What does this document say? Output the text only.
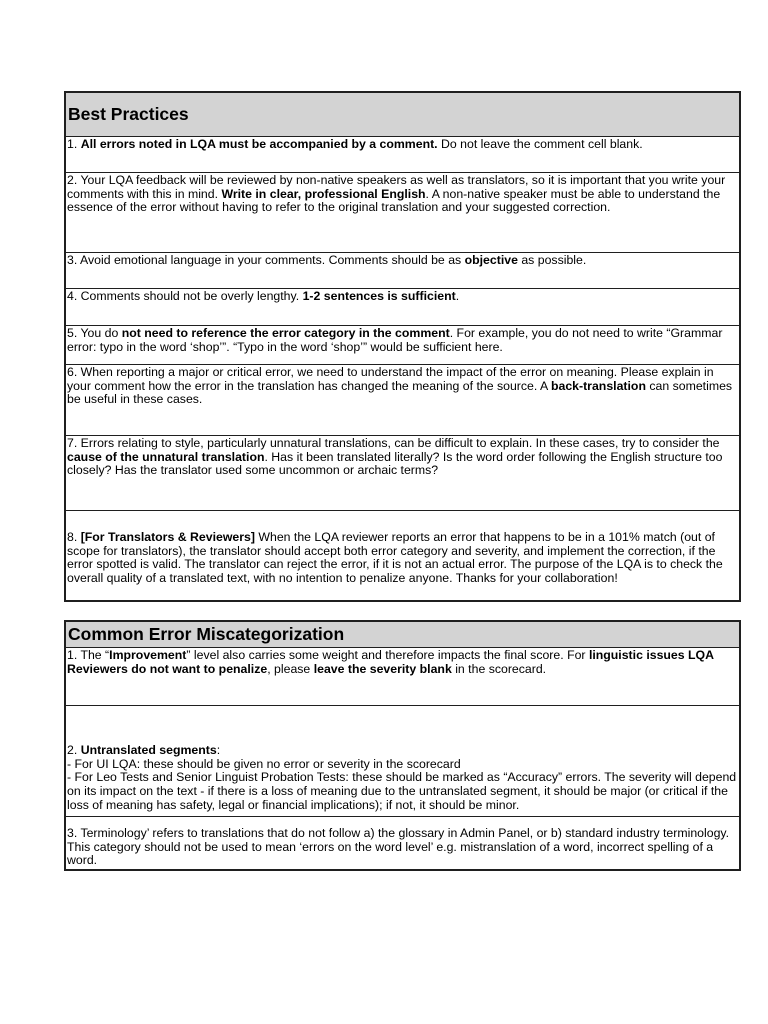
Best Practices
1. All errors noted in LQA must be accompanied by a comment. Do not leave the comment cell blank.
2. Your LQA feedback will be reviewed by non-native speakers as well as translators, so it is important that you write your comments with this in mind. Write in clear, professional English. A non-native speaker must be able to understand the essence of the error without having to refer to the original translation and your suggested correction.
3. Avoid emotional language in your comments. Comments should be as objective as possible.
4. Comments should not be overly lengthy. 1-2 sentences is sufficient.
5. You do not need to reference the error category in the comment. For example, you do not need to write “Grammar error: typo in the word ‘shop’”. “Typo in the word ‘shop’” would be sufficient here.
6. When reporting a major or critical error, we need to understand the impact of the error on meaning. Please explain in your comment how the error in the translation has changed the meaning of the source. A back-translation can sometimes be useful in these cases.
7. Errors relating to style, particularly unnatural translations, can be difficult to explain. In these cases, try to consider the cause of the unnatural translation. Has it been translated literally? Is the word order following the English structure too closely? Has the translator used some uncommon or archaic terms?
8. [For Translators & Reviewers] When the LQA reviewer reports an error that happens to be in a 101% match (out of scope for translators), the translator should accept both error category and severity, and implement the correction, if the error spotted is valid. The translator can reject the error, if it is not an actual error. The purpose of the LQA is to check the overall quality of a translated text, with no intention to penalize anyone. Thanks for your collaboration!
Common Error Miscategorization
1. The “Improvement” level also carries some weight and therefore impacts the final score. For linguistic issues LQA Reviewers do not want to penalize, please leave the severity blank in the scorecard.
2. Untranslated segments:
- For UI LQA: these should be given no error or severity in the scorecard
- For Leo Tests and Senior Linguist Probation Tests: these should be marked as “Accuracy” errors. The severity will depend on its impact on the text - if there is a loss of meaning due to the untranslated segment, it should be major (or critical if the loss of meaning has safety, legal or financial implications); if not, it should be minor.
3. Terminology’ refers to translations that do not follow a) the glossary in Admin Panel, or b) standard industry terminology. This category should not be used to mean ‘errors on the word level’ e.g. mistranslation of a word, incorrect spelling of a word.
